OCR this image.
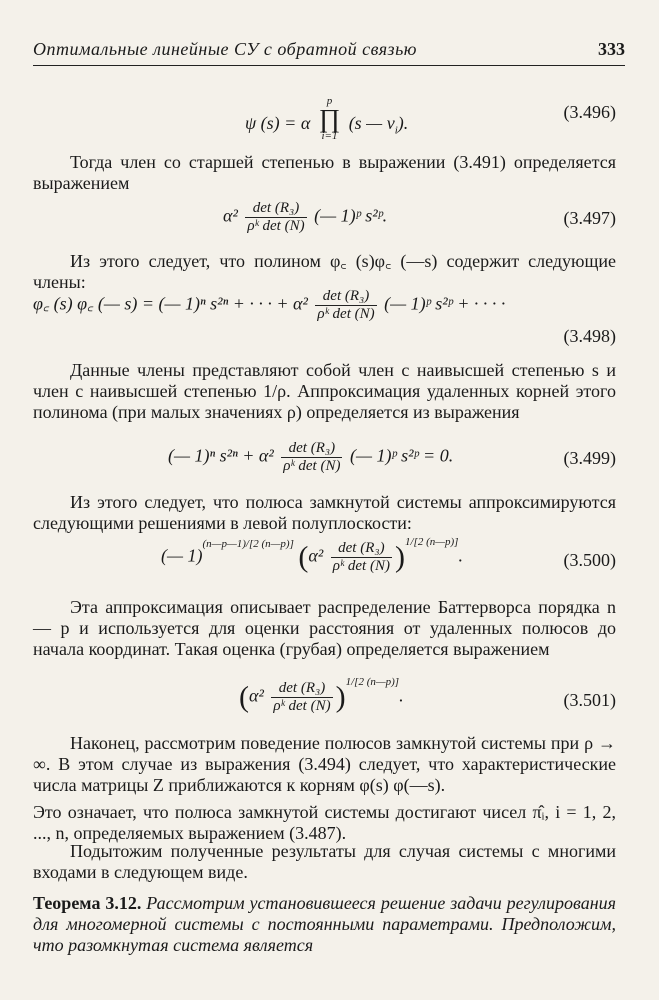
Оптимальные линейные СУ с обратной связью	333
ψ (s) = α
p
∏
i=1
(s — $\nu_i$).
(3.496)

Тогда член со старшей степенью в выражении (3.491) определяется выражением

$\alpha^2 \frac{\text{det (R₃)}}{\text{ρᵏ det (N)}}$ (— 1)ᵖ s²ᵖ.	(3.497)

Из этого следует, что полином φ꜀ (s)φ꜀ (—s) содержит следующие члены:

φ꜀ (s) φ꜀ (— s) = (— 1)ⁿ s²ⁿ + · · · + $\alpha^2 \frac{\text{det (R₃)}}{\text{ρᵏ det (N)}}$ (— 1)ᵖ s²ᵖ + · · · ·
(3.498)

Данные члены представляют собой член с наивысшей степенью s и член с наивысшей степенью 1/ρ. Аппроксимация удаленных корней этого полинома (при малых значениях ρ) определяется из выражения

(— 1)ⁿ $s^{2n} + \alpha^2 \frac{\text{det (R₃)}}{\text{ρᵏ det (N)}}$ (— 1)ᵖ s²ᵖ = 0.	(3.499)

Из этого следует, что полюса замкнутой системы аппроксимируются следующими решениями в левой полуплоскости:

(— 1)$^{(n—p—1)/[2 (n—p)]}$ $(\alpha^2 \frac{\text{det (R₃)}}{\text{ρᵏ det (N)}} )^{1/[2 (n—p)]}$.	(3.500)

Эта аппроксимация описывает распределение Баттерворса порядка n — p и используется для оценки расстояния от удаленных полюсов до начала координат. Такая оценка (грубая) определяется выражением

$(\alpha^2 \frac{\text{det (R₃)}}{\text{ρᵏ det (N)}} )^{1/[2 (n—p)]}$.	(3.501)

Наконец, рассмотрим поведение полюсов замкнутой системы при ρ → ∞. В этом случае из выражения (3.494) следует, что характеристические числа матрицы Z приближаются к корням φ(s) φ(—s).

Это означает, что полюса замкнутой системы достигают чисел π̂ᵢ, i = 1, 2, ..., n, определяемых выражением (3.487).

Подытожим полученные результаты для случая системы с многими входами в следующем виде.

Теорема 3.12. Рассмотрим установившееся решение задачи регулирования для многомерной системы с постоянными параметрами. Предположим, что разомкнутая система является
